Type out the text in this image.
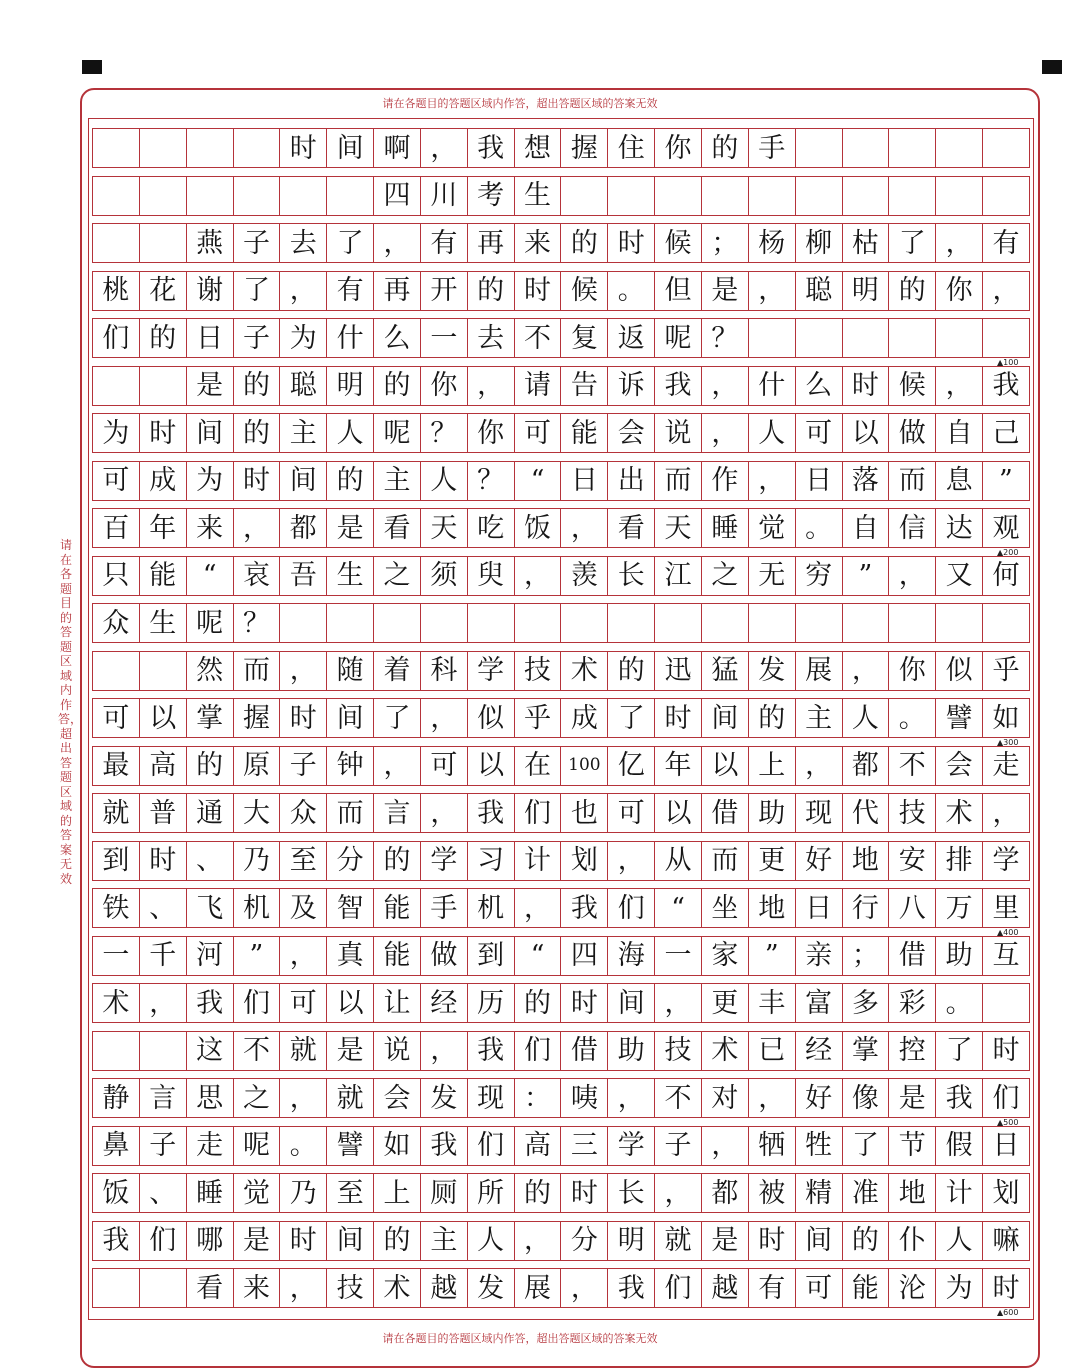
请在各题目的答题区域内作答，超出答题区域的答案无效
请在各题目的答题区域内作答，超出答题区域的答案无效
请在各题目的答题区域内作答，超出答题区域的答案无效
时 间 啊 ， 我 想 握 住 你 的 手
四 川 考 生
燕 子 去 了 ， 有 再 来 的 时 候 ； 杨 柳 枯 了 ， 有
桃 花 谢 了 ， 有 再 开 的 时 候 。 但 是 ， 聪 明 的 你 ，
们 的 日 子 为 什 么 一 去 不 复 返 呢 ？
▲100
是 的 聪 明 的 你 ， 请 告 诉 我 ， 什 么 时 候 ， 我
为 时 间 的 主 人 呢 ？ 你 可 能 会 说 ， 人 可 以 做 自 己
可 成 为 时 间 的 主 人 ？ “ 日 出 而 作 ， 日 落 而 息 ”
百 年 来 ， 都 是 看 天 吃 饭 ， 看 天 睡 觉 。 自 信 达 观
▲200
只 能 “ 哀 吾 生 之 须 臾 ， 羡 长 江 之 无 穷 ” ， 又 何
众 生 呢 ？
然 而 ， 随 着 科 学 技 术 的 迅 猛 发 展 ， 你 似 乎
可 以 掌 握 时 间 了 ， 似 乎 成 了 时 间 的 主 人 。 譬 如
▲300
最 高 的 原 子 钟 ， 可 以 在	100 亿 年 以 上 ， 都 不 会 走
就 普 通 大 众 而 言 ， 我 们 也 可 以 借 助 现 代 技 术 ，
到 时 、 乃 至 分 的 学 习 计 划 ， 从 而 更 好 地 安 排 学
铁 、 飞 机 及 智 能 手 机 ， 我 们 “ 坐 地 日 行 八 万 里
▲400
一 千 河 ” ， 真 能 做 到 “ 四 海 一 家 ” 亲 ； 借 助 互
术 ， 我 们 可 以 让 经 历 的 时 间 ， 更 丰 富 多 彩 。
这 不 就 是 说 ， 我 们 借 助 技 术 已 经 掌 控 了 时
静 言 思 之 ， 就 会 发 现 ： 咦 ， 不 对 ， 好 像 是 我 们
▲500
鼻 子 走 呢 。 譬 如 我 们 高 三 学 子 ， 牺 牲 了 节 假 日
饭 、 睡 觉 乃 至 上 厕 所 的 时 长 ， 都 被 精 准 地 计 划
我 们 哪 是 时 间 的 主 人 ， 分 明 就 是 时 间 的 仆 人 嘛
看 来 ， 技 术 越 发 展 ， 我 们 越 有 可 能 沦 为 时
▲600
